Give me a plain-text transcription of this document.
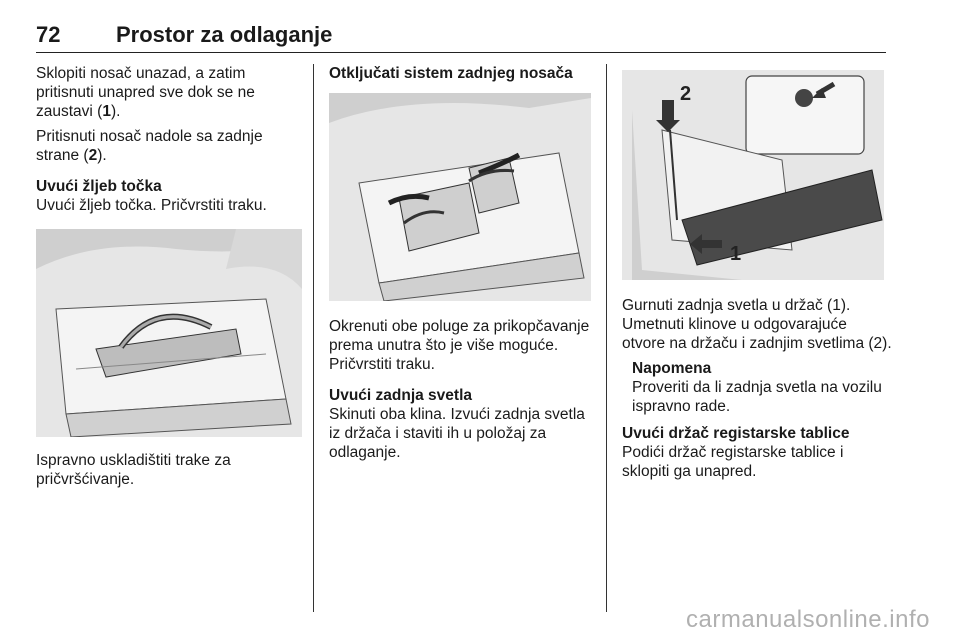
72	Prostor za odlaganje

Sklopiti nosač unazad, a zatim pritisnuti unapred sve dok se ne zaustavi (1).

Pritisnuti nosač nadole sa zadnje strane (2).

Uvući žljeb točka

Uvući žljeb točka. Pričvrstiti traku.

Ispravno uskladištiti trake za pričvršćivanje.

Otključati sistem zadnjeg nosača

Okrenuti obe poluge za prikopčavanje prema unutra što je više moguće. Pričvrstiti traku.

Uvući zadnja svetla

Skinuti oba klina. Izvući zadnja svetla iz držača i staviti ih u položaj za odlaganje.

2
1

Gurnuti zadnja svetla u držač (1). Umetnuti klinove u odgovarajuće otvore na držaču i zadnjim svetlima (2).

Napomena
Proveriti da li zadnja svetla na vozilu ispravno rade.
Uvući držač registarske tablice

Podići držač registarske tablice i sklopiti ga unapred.

carmanualsonline.info
